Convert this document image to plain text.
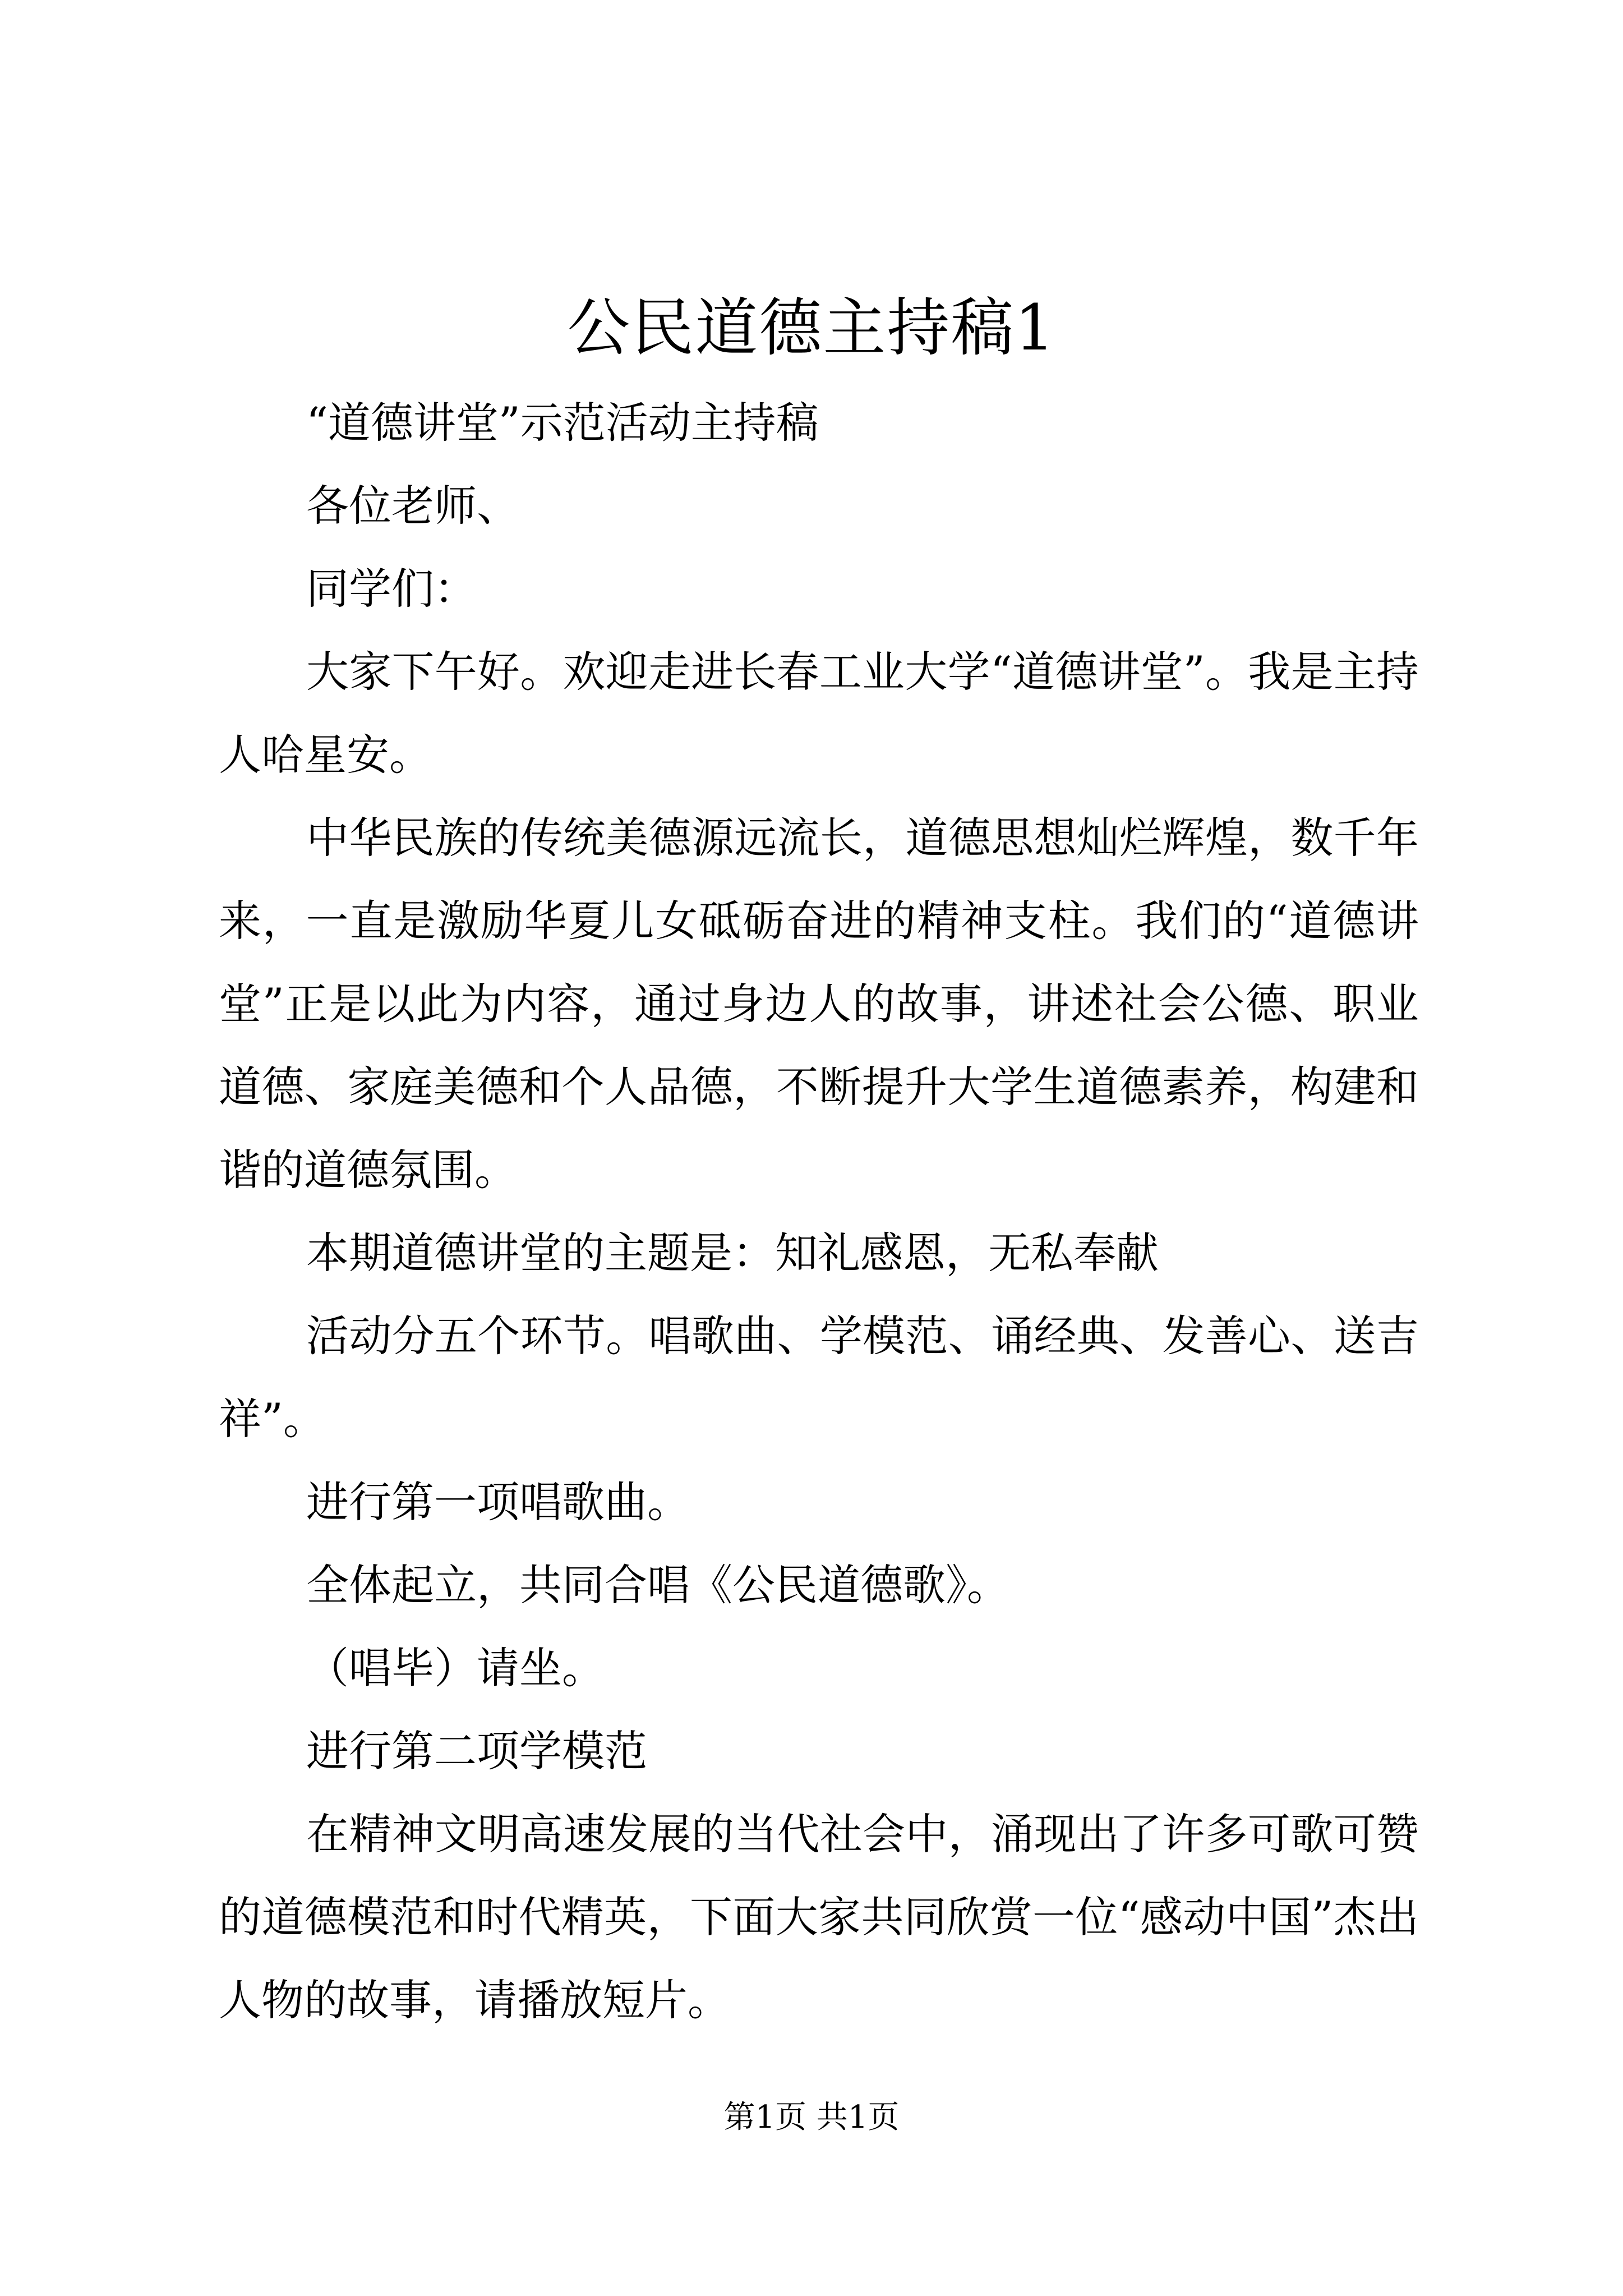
公民道德主持稿1

“道德讲堂”示范活动主持稿

各位老师、

同学们：

大家下午好。欢迎走进长春工业大学“道德讲堂”。我是主持人哈星安。

中华民族的传统美德源远流长，道德思想灿烂辉煌，数千年来，一直是激励华夏儿女砥砺奋进的精神支柱。我们的“道德讲堂”正是以此为内容，通过身边人的故事，讲述社会公德、职业道德、家庭美德和个人品德，不断提升大学生道德素养，构建和谐的道德氛围。

本期道德讲堂的主题是：知礼感恩，无私奉献

活动分五个环节。唱歌曲、学模范、诵经典、发善心、送吉祥”。

进行第一项唱歌曲。

全体起立，共同合唱《公民道德歌》。

（唱毕）请坐。

进行第二项学模范

在精神文明高速发展的当代社会中，涌现出了许多可歌可赞的道德模范和时代精英，下面大家共同欣赏一位“感动中国”杰出人物的故事，请播放短片。

第1页 共1页
